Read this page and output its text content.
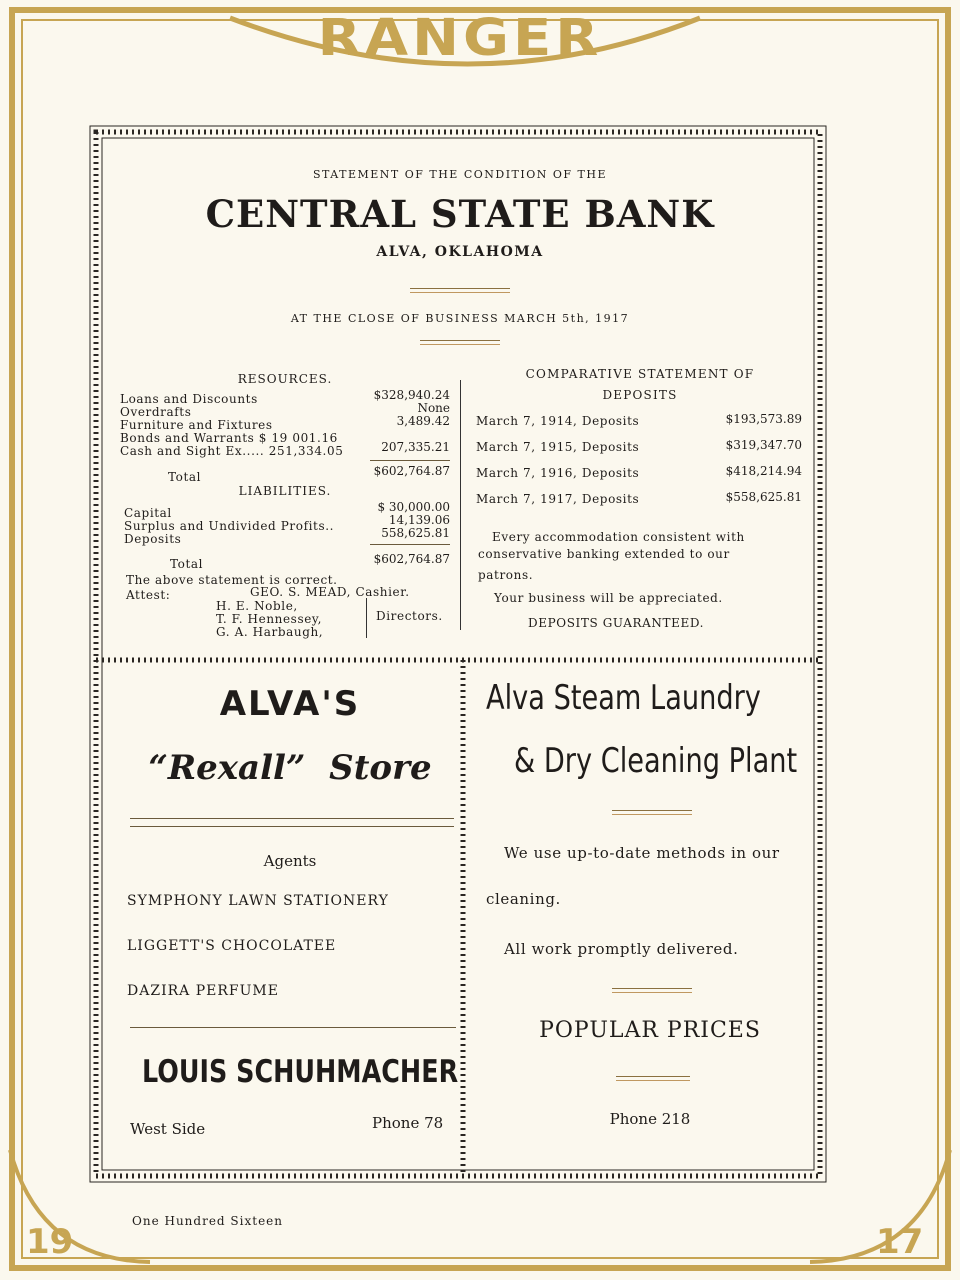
RANGER
19	17
One Hundred Sixteen
STATEMENT OF THE CONDITION OF THE
CENTRAL STATE BANK
ALVA, OKLAHOMA
AT THE CLOSE OF BUSINESS MARCH 5th, 1917
RESOURCES.
Loans and Discounts	$328,940.24
Overdrafts	None
Furniture and Fixtures	3,489.42
Bonds and Warrants $ 19 001.16
Cash and Sight Ex..... 251,334.05	207,335.21
Total	$602,764.87
LIABILITIES.
Capital	$ 30,000.00
Surplus and Undivided Profits..	14,139.06
Deposits	558,625.81
Total	$602,764.87
The above statement is correct.
Attest:	GEO. S. MEAD, Cashier.
H. E. Noble,
T. F. Hennessey,
G. A. Harbaugh,
Directors.
COMPARATIVE STATEMENT OF
DEPOSITS
March 7, 1914, Deposits	$193,573.89
March 7, 1915, Deposits	$319,347.70
March 7, 1916, Deposits	$418,214.94
March 7, 1917, Deposits	$558,625.81
Every accommodation consistent with
conservative banking extended to our
patrons.
Your business will be appreciated.
DEPOSITS GUARANTEED.
ALVA'S
“Rexall”  Store
Agents
SYMPHONY LAWN STATIONERY
LIGGETT'S CHOCOLATEE
DAZIRA PERFUME
LOUIS SCHUHMACHER
West Side	Phone 78
Alva Steam Laundry
& Dry Cleaning Plant
We use up-to-date methods in our
cleaning.
All work promptly delivered.
POPULAR PRICES
Phone 218
